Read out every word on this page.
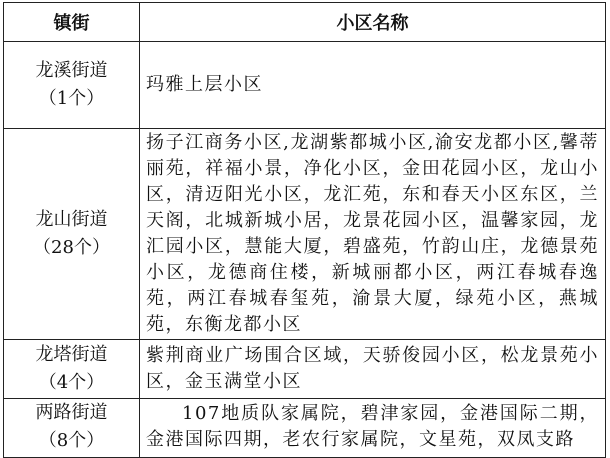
镇街	小区名称

龙溪街道
（1个）	玛雅上层小区

龙山街道
（28个）	扬子江商务小区,龙湖紫都城小区,渝安龙都小区,馨蒂丽苑，祥福小景，净化小区，金田花园小区，龙山小区，清迈阳光小区，龙汇苑，东和春天小区东区，兰天阁，北城新城小居，龙景花园小区，温馨家园，龙汇园小区，慧能大厦，碧盛苑，竹韵山庄，龙德景苑小区，龙德商住楼，新城丽都小区，两江春城春逸苑，两江春城春玺苑，渝景大厦，绿苑小区，燕城苑，东衡龙都小区

龙塔街道
（4个）	紫荆商业广场围合区域，天骄俊园小区，松龙景苑小区，金玉满堂小区

两路街道
（8个）	107地质队家属院，碧津家园，金港国际二期，金港国际四期，老农行家属院，文星苑，双凤支路
